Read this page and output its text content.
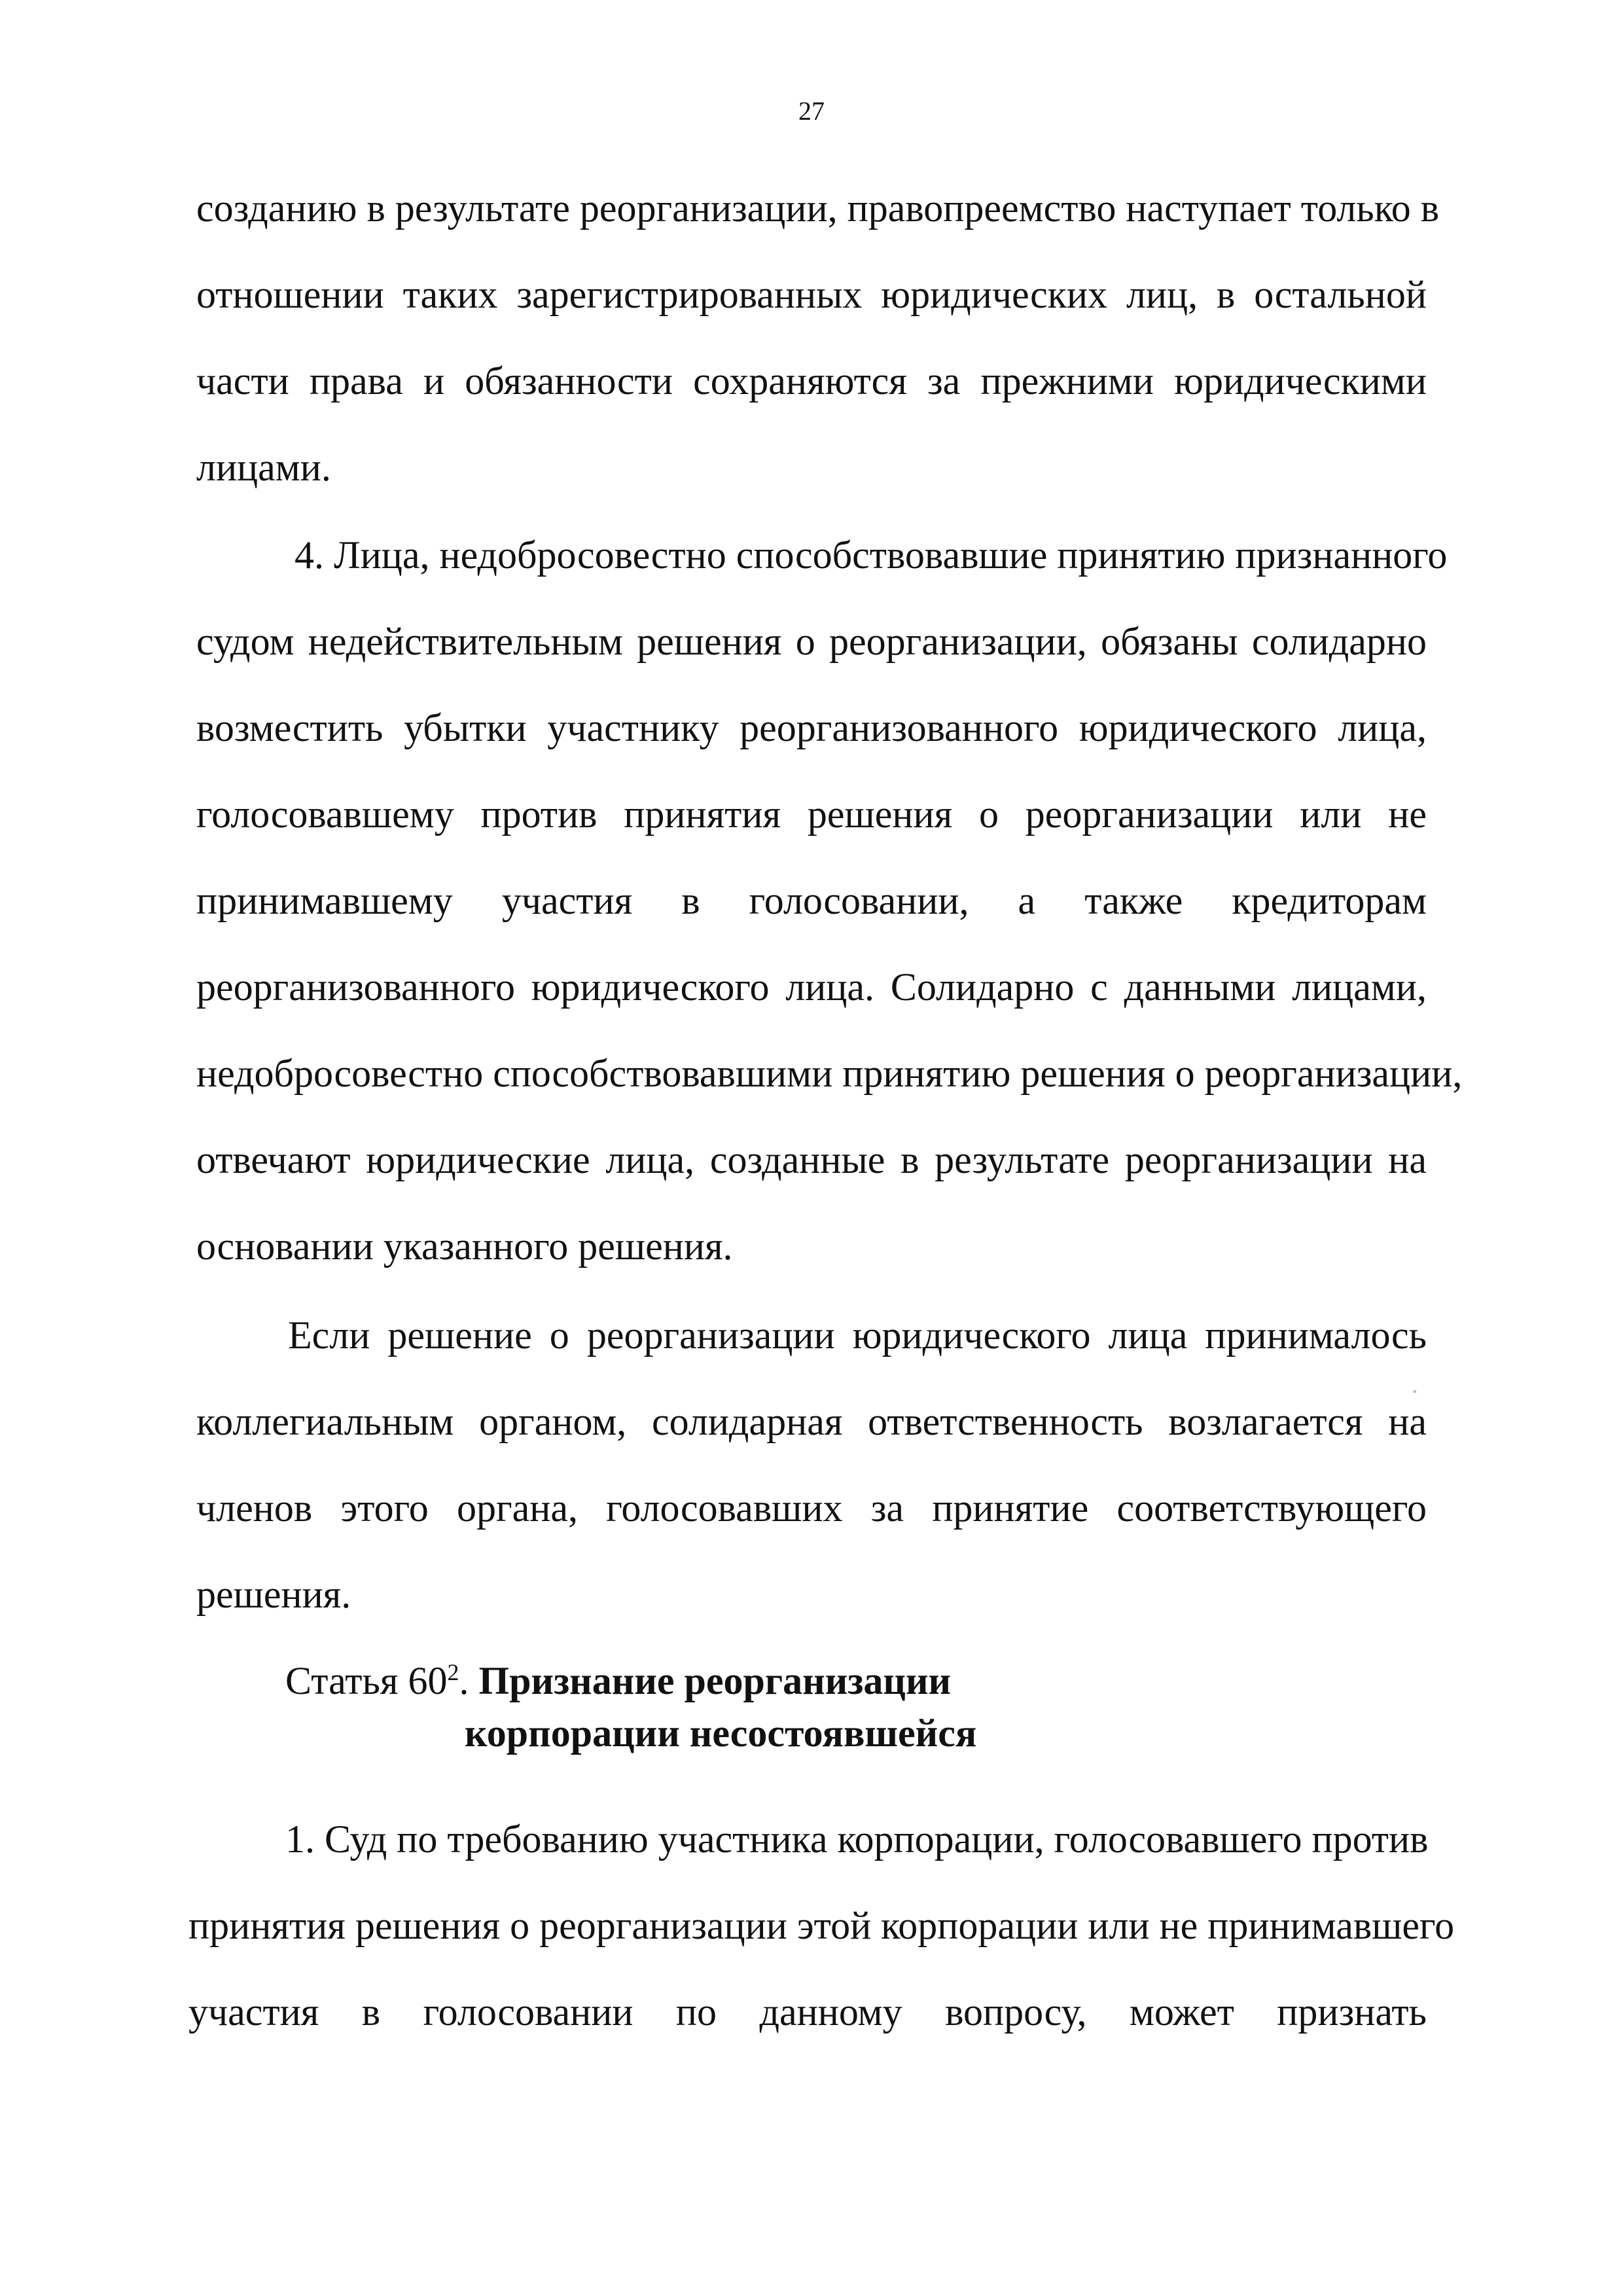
27
созданию в результате реорганизации, правопреемство наступает только в
отношении таких зарегистрированных юридических лиц, в остальной
части права и обязанности сохраняются за прежними юридическими
лицами.
4. Лица, недобросовестно способствовавшие принятию признанного
судом недействительным решения о реорганизации, обязаны солидарно
возместить убытки участнику реорганизованного юридического лица,
голосовавшему против принятия решения о реорганизации или не
принимавшему участия в голосовании, а также кредиторам
реорганизованного юридического лица. Солидарно с данными лицами,
недобросовестно способствовавшими принятию решения о реорганизации,
отвечают юридические лица, созданные в результате реорганизации на
основании указанного решения.
Если решение о реорганизации юридического лица принималось
коллегиальным органом, солидарная ответственность возлагается на
членов этого органа, голосовавших за принятие соответствующего
решения.
Статья $60^2$. Признание реорганизации
корпорации несостоявшейся
1. Суд по требованию участника корпорации, голосовавшего против
принятия решения о реорганизации этой корпорации или не принимавшего
участия в голосовании по данному вопросу, может признать
